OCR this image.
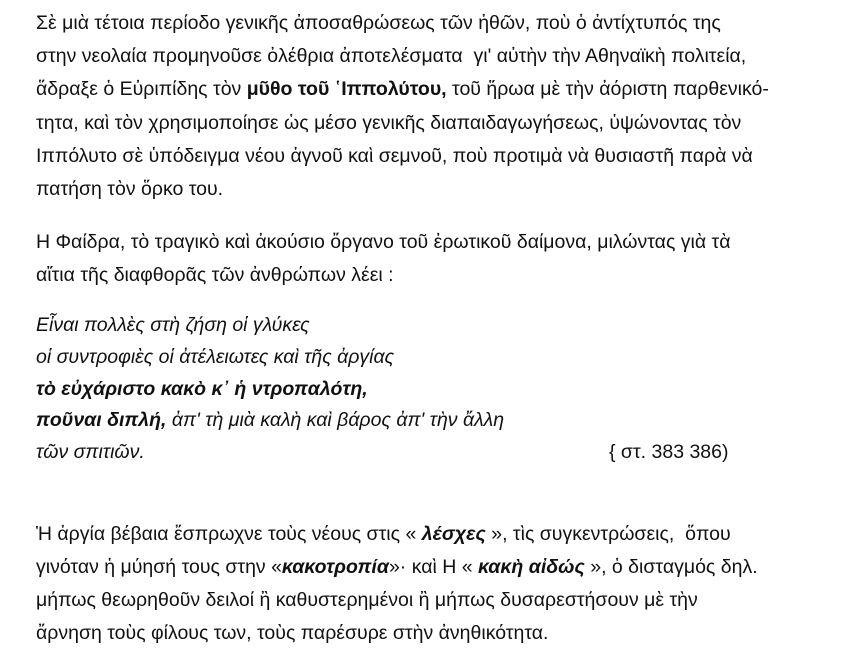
Σὲ μιὰ τέτοια περίοδο γενικῆς ἀποσαθρώσεως τῶν ἠθῶν, ποὺ ὁ ἀντίχτυπός της
στην νεολαία προμηνοῦσε ὀλέθρια ἀποτελέσματα  γι' αὐτὴν τὴν Αθηναϊκὴ πολιτεία,
ἅδραξε ὁ Εὐριπίδης τὸν μῦθο τοῦ ῾Ιππολύτου, τοῦ ἥρωα μὲ τὴν ἀόριστη παρθενικό-
τητα, καὶ τὸν χρησιμοποίησε ὡς μέσο γενικῆς διαπαιδαγωγήσεως, ὑψώνοντας τὸν
Ιππόλυτο σὲ ὑπόδειγμα νέου ἁγνοῦ καὶ σεμνοῦ, ποὺ προτιμὰ νὰ θυσιαστῆ παρὰ νὰ
πατήση τὸν ὅρκο του.
Η Φαίδρα, τὸ τραγικὸ καὶ ἀκούσιο ὄργανο τοῦ ἐρωτικοῦ δαίμονα, μιλώντας γιὰ τὰ
αἴτια τῆς διαφθορᾶς τῶν ἀνθρώπων λέει :
Εἶναι πολλὲς στὴ ζήση οἱ γλύκες
οἱ συντροφιὲς οἱ ἀτέλειωτες καὶ τῆς ἀργίας
τὸ εὐχάριστο κακὸ κ᾽ ἡ ντροπαλότη,
ποῦναι διπλή, ἀπ' τὴ μιὰ καλὴ καὶ βάρος ἀπ' τὴν ἄλλη
τῶν σπιτιῶν.	{ στ. 383 386)
Ἡ ἀργία βέβαια ἔσπρωχνε τοὺς νέους στις « λέσχες », τὶς συγκεντρώσεις,  ὅπου
γινόταν ἡ μύησή τους στην «κακοτροπία»· καὶ Η « κακὴ αἰδώς », ὁ δισταγμός δηλ.
μήπως θεωρηθοῦν δειλοί ἢ καθυστερημένοι ἢ μήπως δυσαρεστήσουν μὲ τὴν
ἄρνηση τοὺς φίλους των, τοὺς παρέσυρε στὴν ἀνηθικότητα.
